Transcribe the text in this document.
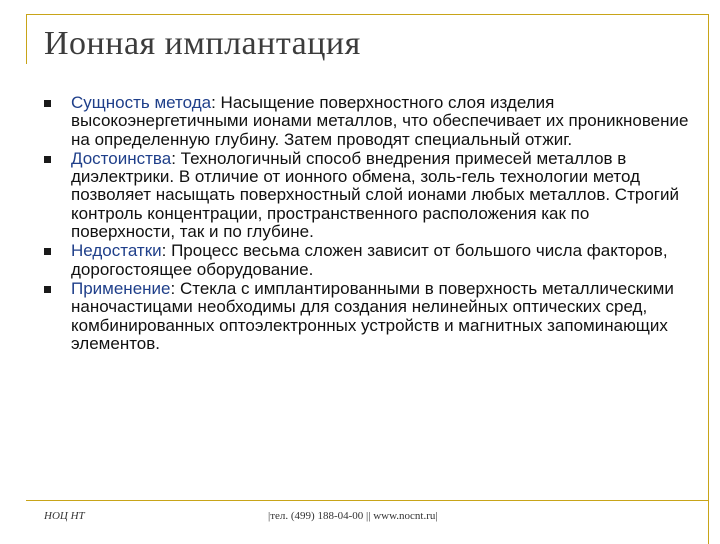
Ионная имплантация
Сущность метода: Насыщение поверхностного слоя изделия высокоэнергетичными ионами металлов, что обеспечивает их проникновение на определенную глубину. Затем проводят специальный отжиг.
Достоинства: Технологичный способ внедрения примесей металлов в диэлектрики. В отличие от ионного обмена, золь-гель технологии метод позволяет насыщать поверхностный слой ионами любых металлов. Строгий контроль концентрации, пространственного расположения как по поверхности, так и по глубине.
Недостатки: Процесс весьма сложен зависит от большого числа факторов, дорогостоящее оборудование.
Применение: Стекла с имплантированными в поверхность металлическими наночастицами необходимы для создания нелинейных оптических сред, комбинированных оптоэлектронных устройств и магнитных запоминающих элементов.
НОЦ НТ	|тел. (499) 188-04-00 || www.nocnt.ru|
